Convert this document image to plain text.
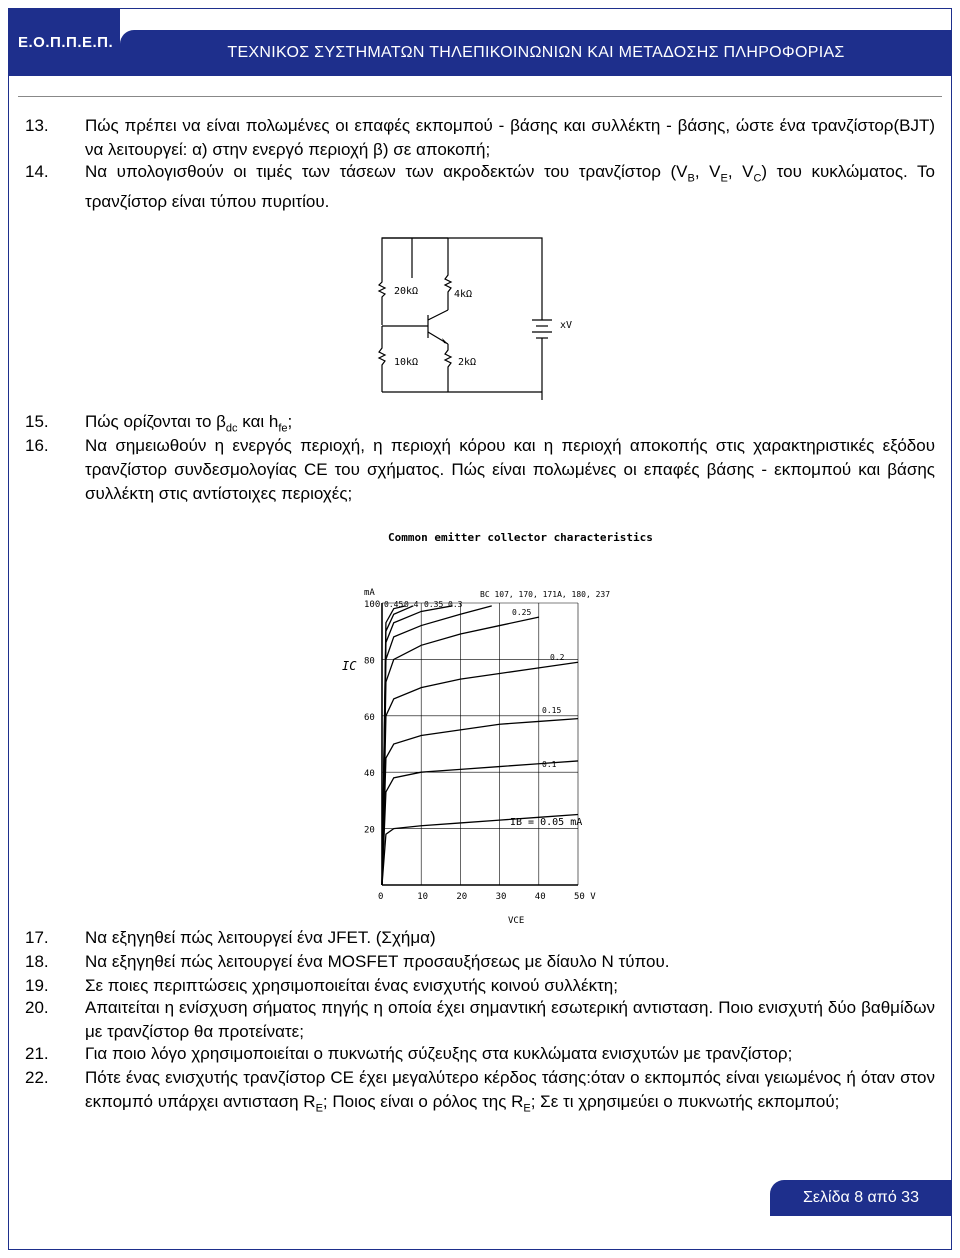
Ε.Ο.Π.Π.Ε.Π.
ΤΕΧΝΙΚΟΣ ΣΥΣΤΗΜΑΤΩΝ ΤΗΛΕΠΙΚΟΙΝΩΝΙΩΝ ΚΑΙ ΜΕΤΑΔΟΣΗΣ ΠΛΗΡΟΦΟΡΙΑΣ
13. Πώς πρέπει να είναι πολωμένες οι επαφές εκπομπού - βάσης και συλλέκτη - βάσης, ώστε ένα τρανζίστορ(BJT) να λειτουργεί: α) στην ενεργό περιοχή β) σε αποκοπή;
14. Να υπολογισθούν οι τιμές των τάσεων των ακροδεκτών του τρανζίστορ ($V_B$, $V_E$, $V_C$) του κυκλώματος. Το τρανζίστορ είναι τύπου πυριτίου.
20kΩ	4kΩ
10kΩ	2kΩ
xV
15. Πώς ορίζονται το $\beta_{dc}$ και $h_{fe}$;
16. Να σημειωθούν η ενεργός περιοχή, η περιοχή κόρου και η περιοχή αποκοπής στις χαρακτηριστικές εξόδου τρανζίστορ συνδεσμολογίας CE του σχήματος. Πώς είναι πολωμένες οι επαφές βάσης - εκπομπού και βάσης συλλέκτη στις αντίστοιχες περιοχές;
Common emitter collector characteristics
BC 107, 170, 171A, 180, 237
mA
IC
VCE
IB = 0.05 mA
100
80
60
40
20
0	10	20	30	40	50 V
0.45 0.4 0.35 0.3
0.25
0.2
0.15
0.1
17. Να εξηγηθεί πώς λειτουργεί ένα JFET. (Σχήμα)
18. Να εξηγηθεί πώς λειτουργεί ένα MOSFET προσαυξήσεως με δίαυλο Ν τύπου.
19. Σε ποιες περιπτώσεις χρησιμοποιείται ένας ενισχυτής κοινού συλλέκτη;
20. Απαιτείται η ενίσχυση σήματος πηγής η οποία έχει σημαντική εσωτερική αντισταση. Ποιο ενισχυτή δύο βαθμίδων με τρανζίστορ θα προτείνατε;
21. Για ποιο λόγο χρησιμοποιείται ο πυκνωτής σύζευξης στα κυκλώματα ενισχυτών με τρανζίστορ;
22. Πότε ένας ενισχυτής τρανζίστορ CE έχει μεγαλύτερο κέρδος τάσης:όταν ο εκπομπός είναι γειωμένος ή όταν στον εκπομπό υπάρχει αντισταση $R_E$; Ποιος είναι ο ρόλος της $R_E$; Σε τι χρησιμεύει ο πυκνωτής εκπομπού;
Σελίδα 8 από 33
